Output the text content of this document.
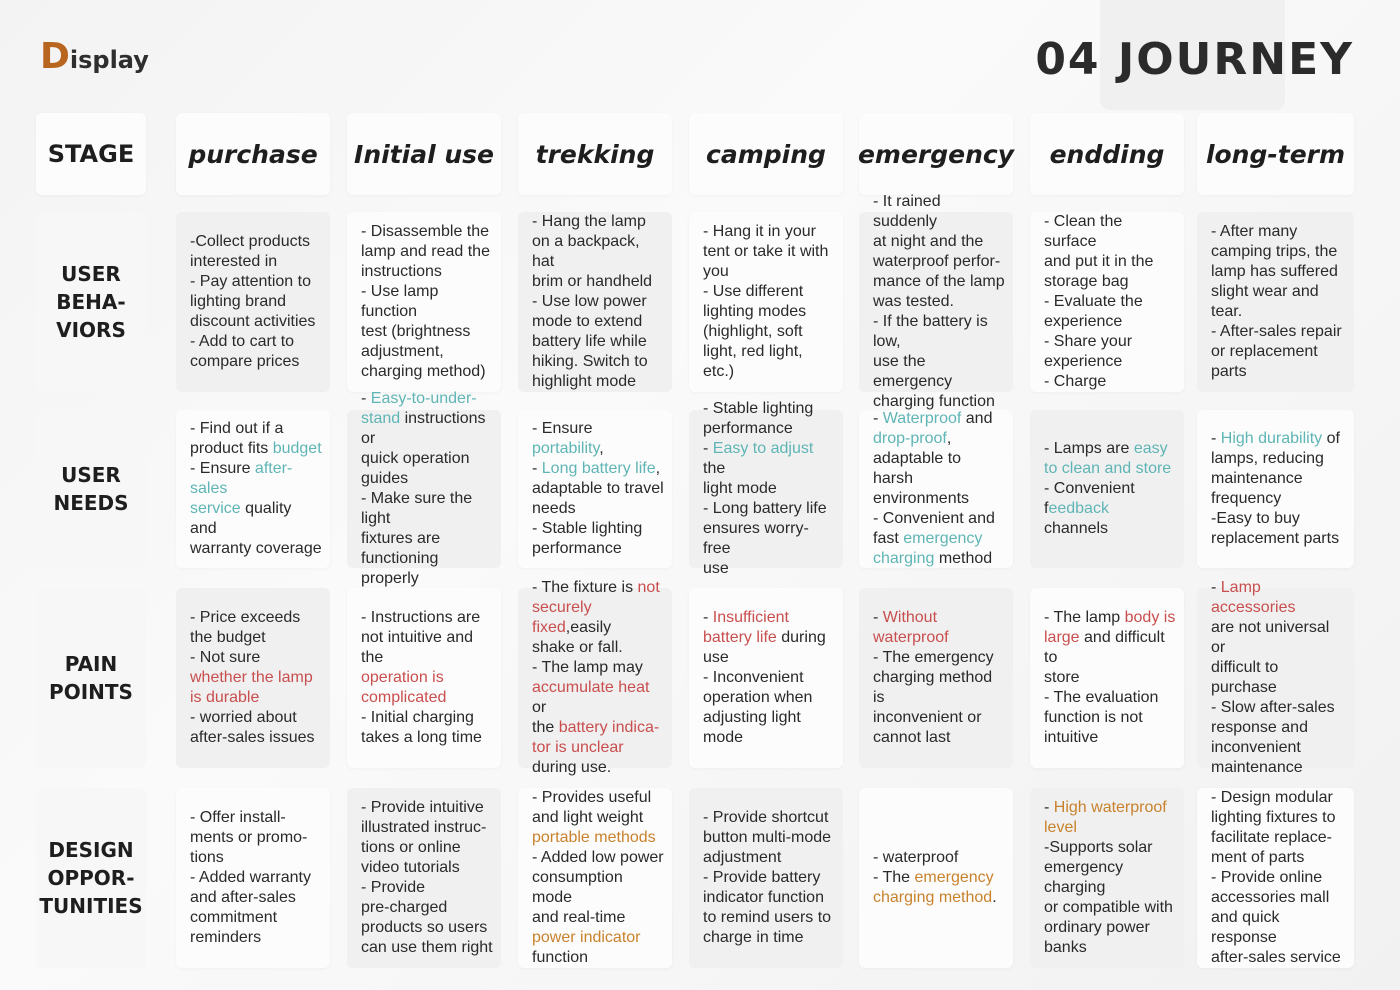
Display	04 JOURNEY
STAGE purchase Initial use trekking camping emergency endding long-term
USER
BEHA-
VIORS

-Collect products
interested in
- Pay attention to
lighting brand
discount activities
- Add to cart to
compare prices

- Disassemble the
lamp and read the
instructions
- Use lamp function
test (brightness
adjustment,
charging method)

- Hang the lamp
on a backpack, hat
brim or handheld
- Use low power
mode to extend
battery life while
hiking. Switch to
highlight mode

- Hang it in your
tent or take it with
you
- Use different
lighting modes
(highlight, soft
light, red light,
etc.)

- It rained suddenly
at night and the
waterproof perfor-
mance of the lamp
was tested.
- If the battery is low,
use the emergency
charging function

- Clean the surface
and put it in the
storage bag
- Evaluate the
experience
- Share your
experience
- Charge

- After many
camping trips, the
lamp has suffered
slight wear and
tear.
- After-sales repair
or replacement
parts

USER
NEEDS

- Find out if a
product fits budget
- Ensure after-sales
service quality and
warranty coverage

- Easy-to-under-
stand instructions or
quick operation
guides
- Make sure the light
fixtures are
functioning properly

- Ensure portability,
- Long battery life,
adaptable to travel
needs
- Stable lighting
performance

- Stable lighting
performance
- Easy to adjust the
light mode
- Long battery life
ensures worry-free
use

- Waterproof and
drop-proof,
adaptable to harsh
environments
- Convenient and
fast emergency
charging method

- Lamps are easy
to clean and store
- Convenient
feedback channels

- High durability of
lamps, reducing
maintenance
frequency
-Easy to buy
replacement parts

PAIN
POINTS

- Price exceeds
the budget
- Not sure
whether the lamp
is durable
- worried about
after-sales issues

- Instructions are
not intuitive and the
operation is
complicated
- Initial charging
takes a long time

- The fixture is not
securely fixed,easily
shake or fall.
- The lamp may
accumulate heat or
the battery indica-
tor is unclear
during use.

- Insufficient
battery life during
use
- Inconvenient
operation when
adjusting light
mode

- Without waterproof
- The emergency
charging method is
inconvenient or
cannot last

- The lamp body is
large and difficult to
store
- The evaluation
function is not
intuitive

- Lamp accessories
are not universal or
difficult to purchase
- Slow after-sales
response and
inconvenient
maintenance

DESIGN
OPPOR-
TUNITIES

- Offer install-
ments or promo-
tions
- Added warranty
and after-sales
commitment
reminders

- Provide intuitive
illustrated instruc-
tions or online
video tutorials
- Provide
pre-charged
products so users
can use them right

- Provides useful
and light weight
portable methods
- Added low power
consumption mode
and real-time
power indicator
function

- Provide shortcut
button multi-mode
adjustment
- Provide battery
indicator function
to remind users to
charge in time

- waterproof
- The emergency
charging method.

- High waterproof
level
-Supports solar
emergency charging
or compatible with
ordinary power
banks

- Design modular
lighting fixtures to
facilitate replace-
ment of parts
- Provide online
accessories mall
and quick response
after-sales service
